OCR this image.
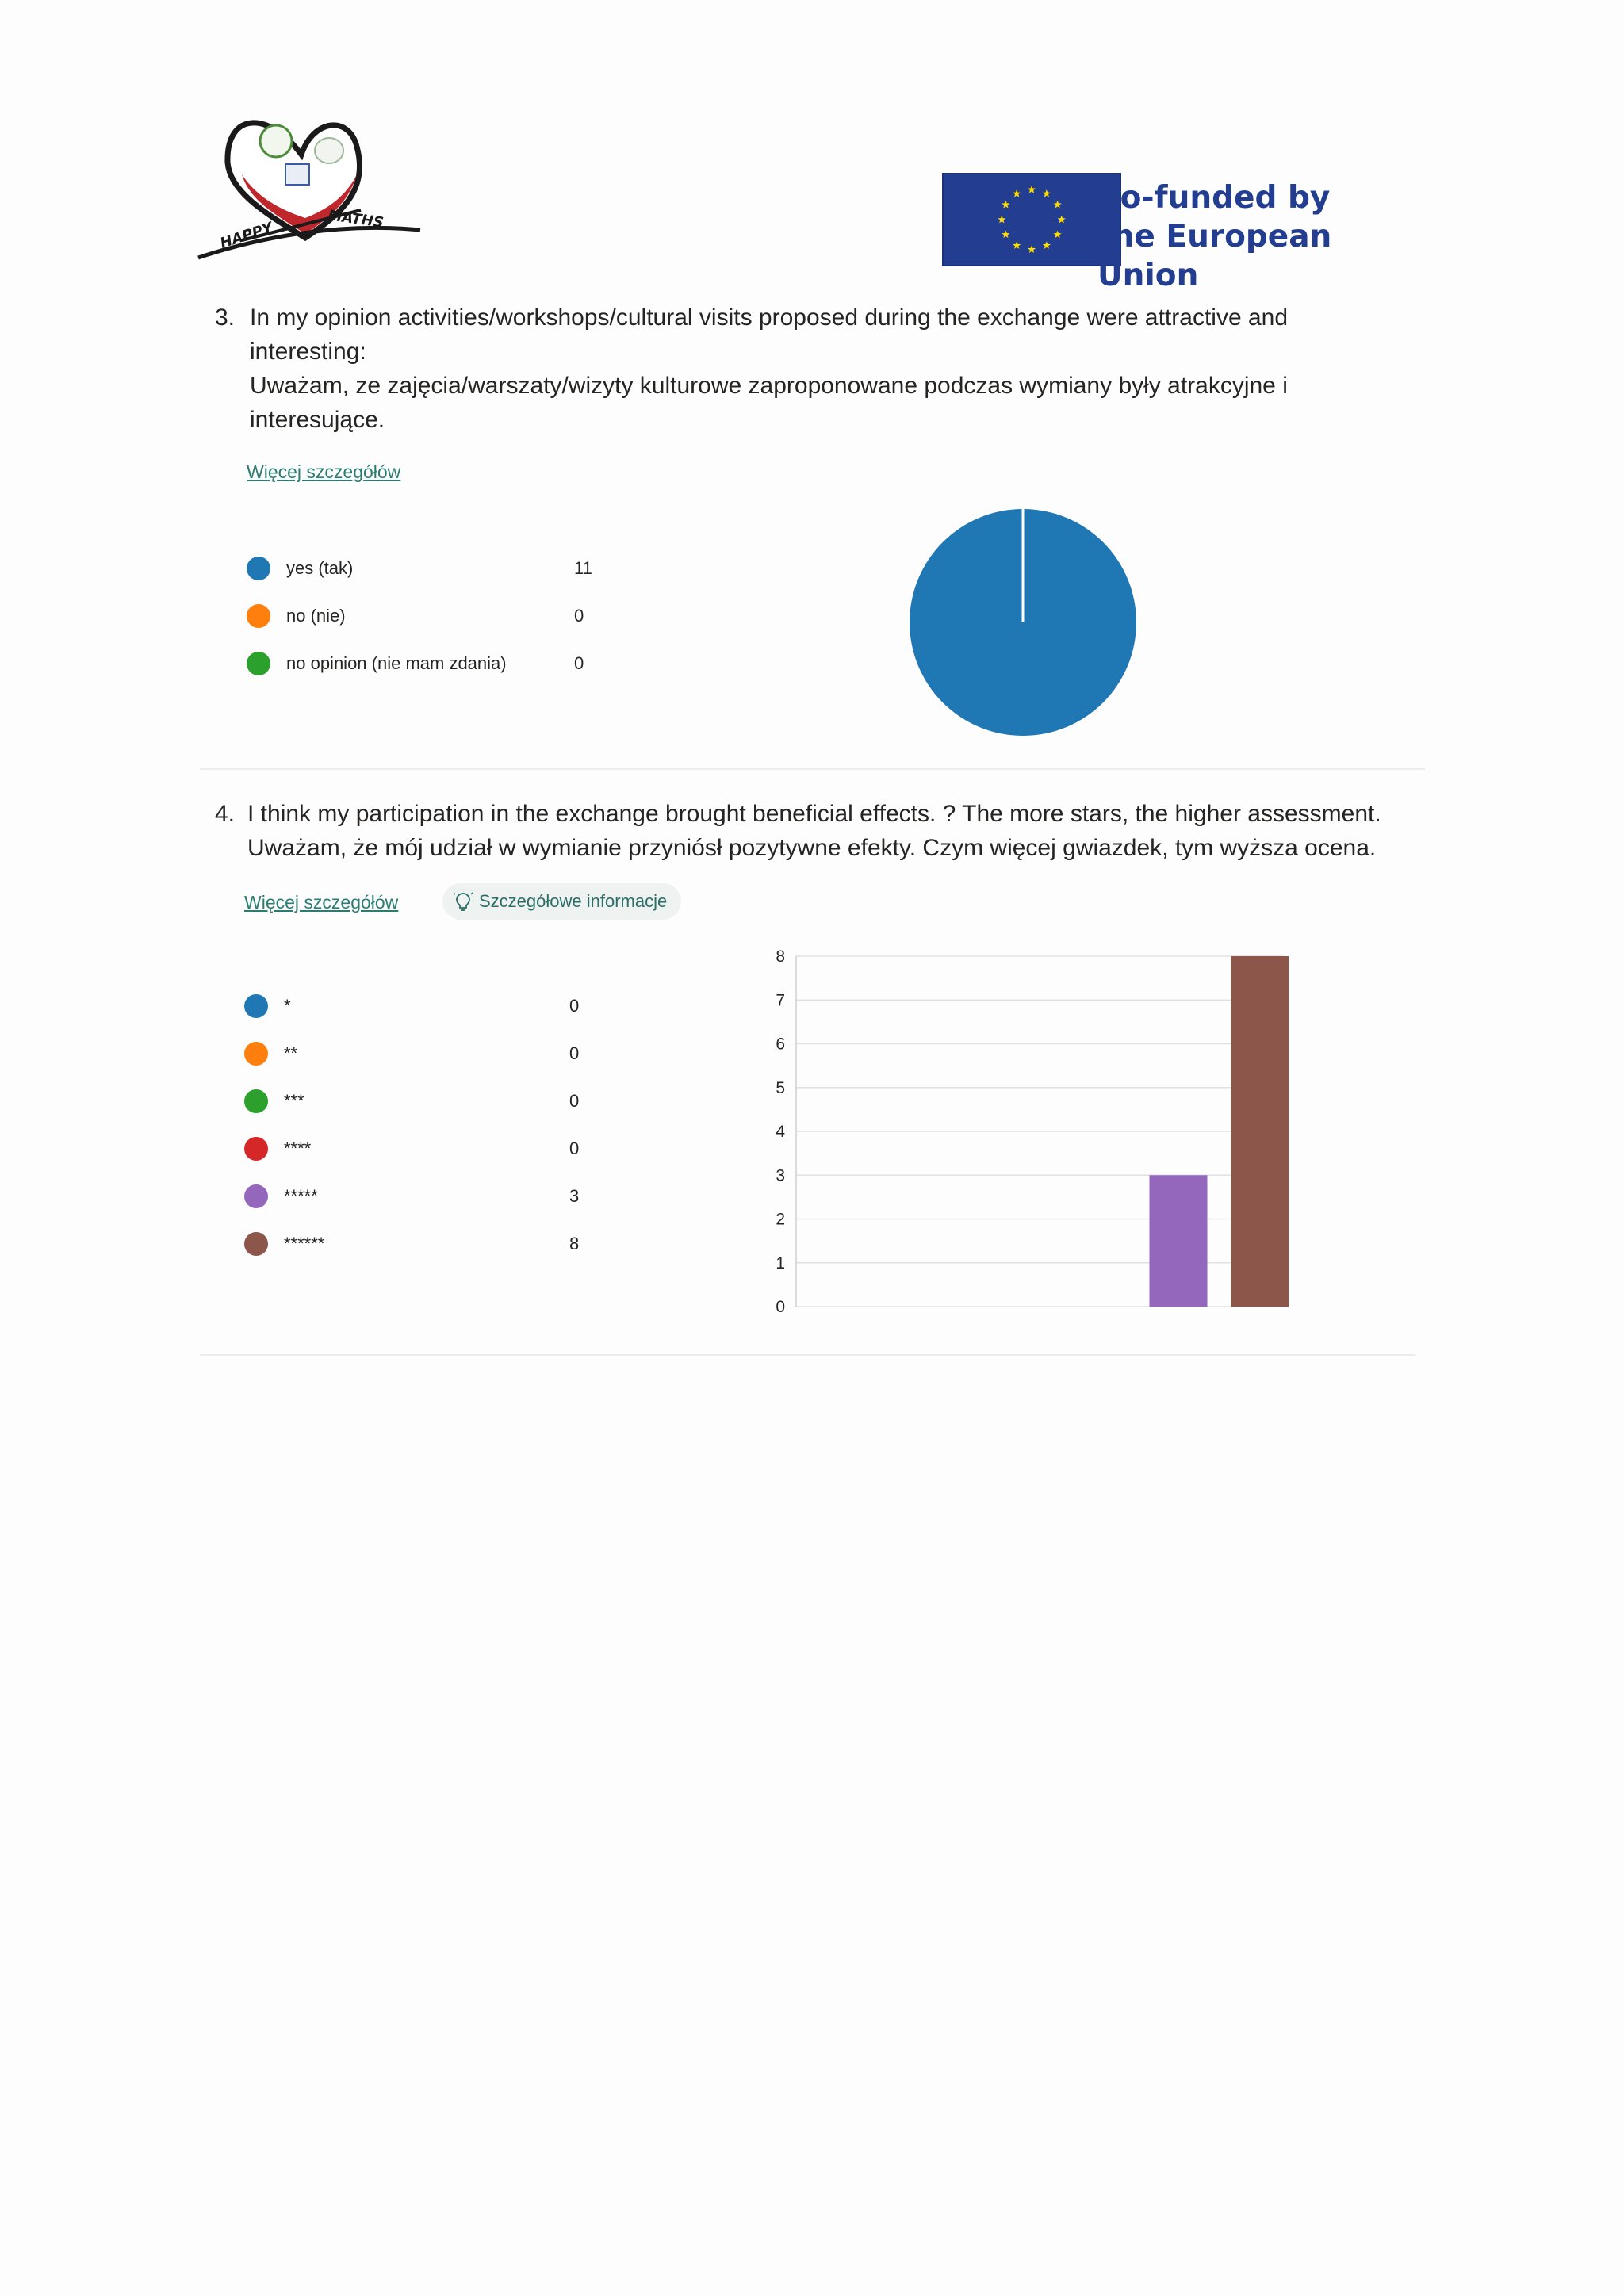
HAPPY
MATHS
Co-funded by
the European Union
3. In my opinion activities/workshops/cultural visits proposed during the exchange were attractive and
interesting:
Uważam, ze zajęcia/warszaty/wizyty kulturowe zaproponowane podczas wymiany były atrakcyjne i
interesujące.
Więcej szczegółów
yes (tak)	11
no (nie)	0
no opinion (nie mam zdania)	0
4. I think my participation in the exchange brought beneficial effects. ? The more stars, the higher assessment.
Uważam, że mój udział w wymianie przyniósł pozytywne efekty. Czym więcej gwiazdek, tym wyższa ocena.
Więcej szczegółów	Szczegółowe informacje
*	0
**	0
***	0
****	0
*****	3
******	8
0
1
2
3
4
5
6
7
8
